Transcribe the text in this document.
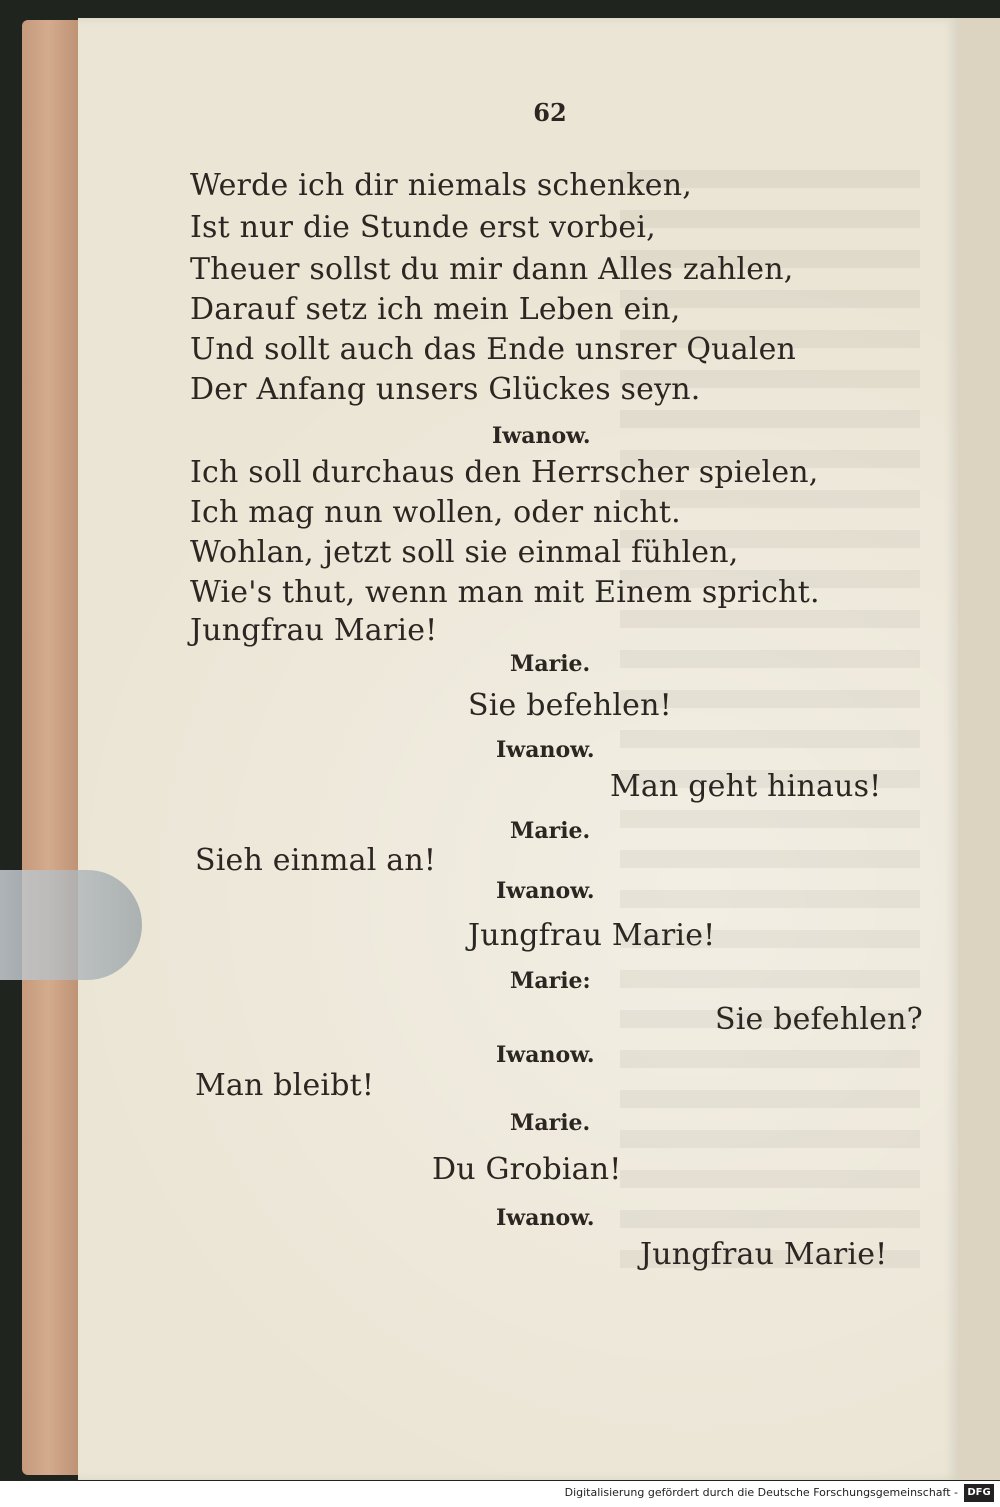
62
Werde ich dir niemals schenken,
Ist nur die Stunde erst vorbei,
Theuer sollst du mir dann Alles zahlen,
Darauf setz ich mein Leben ein,
Und sollt auch das Ende unsrer Qualen
Der Anfang unsers Glückes seyn.
Iwanow.
Ich soll durchaus den Herrscher spielen,
Ich mag nun wollen, oder nicht.
Wohlan, jetzt soll sie einmal fühlen,
Wie's thut, wenn man mit Einem spricht.
Jungfrau Marie!
Marie.
Sie befehlen!
Iwanow.
Man geht hinaus!
Marie.
Sieh einmal an!
Iwanow.
Jungfrau Marie!
Marie:
Sie befehlen?
Iwanow.
Man bleibt!
Marie.
Du Grobian!
Iwanow.
Jungfrau Marie!
Digitalisierung gefördert durch die Deutsche Forschungsgemeinschaft - DFG
